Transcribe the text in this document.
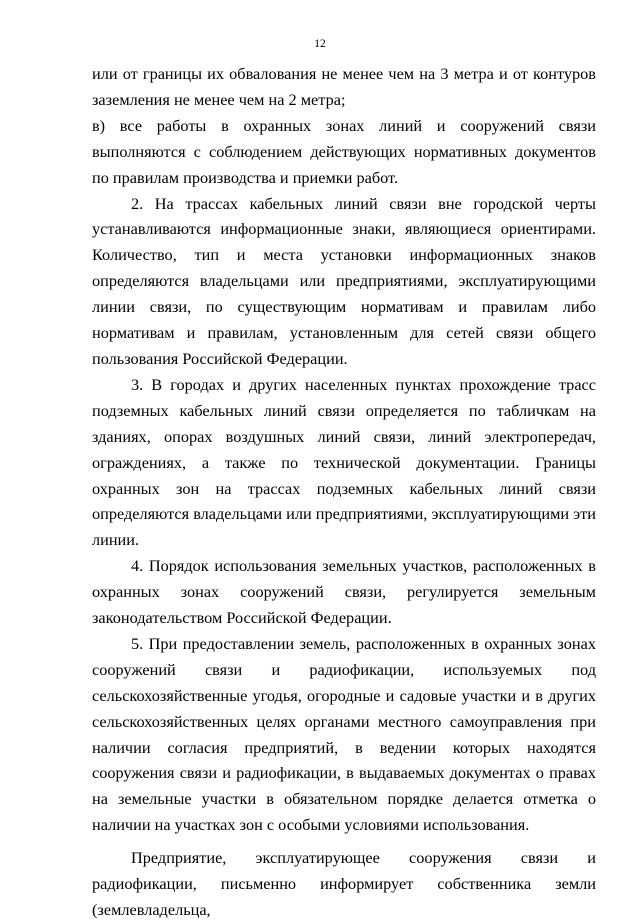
12

или от границы их обвалования не менее чем на 3 метра и от контуров заземления не менее чем на 2 метра;

в) все работы в охранных зонах линий и сооружений связи выполняются с соблюдением действующих нормативных документов по правилам производства и приемки работ.

2. На трассах кабельных линий связи вне городской черты устанавливаются информационные знаки, являющиеся ориентирами. Количество, тип и места установки информационных знаков определяются владельцами или предприятиями, эксплуатирующими линии связи, по существующим нормативам и правилам либо нормативам и правилам, установленным для сетей связи общего пользования Российской Федерации.

3. В городах и других населенных пунктах прохождение трасс подземных кабельных линий связи определяется по табличкам на зданиях, опорах воздушных линий связи, линий электропередач, ограждениях, а также по технической документации. Границы охранных зон на трассах подземных кабельных линий связи определяются владельцами или предприятиями, эксплуатирующими эти линии.

4. Порядок использования земельных участков, расположенных в охранных зонах сооружений связи, регулируется земельным законодательством Российской Федерации.

5. При предоставлении земель, расположенных в охранных зонах сооружений связи и радиофикации, используемых под сельскохозяйственные угодья, огородные и садовые участки и в других сельскохозяйственных целях органами местного самоуправления при наличии согласия предприятий, в ведении которых находятся сооружения связи и радиофикации, в выдаваемых документах о правах на земельные участки в обязательном порядке делается отметка о наличии на участках зон с особыми условиями использования.

Предприятие, эксплуатирующее сооружения связи и радиофикации, письменно информирует собственника земли (землевладельца,
